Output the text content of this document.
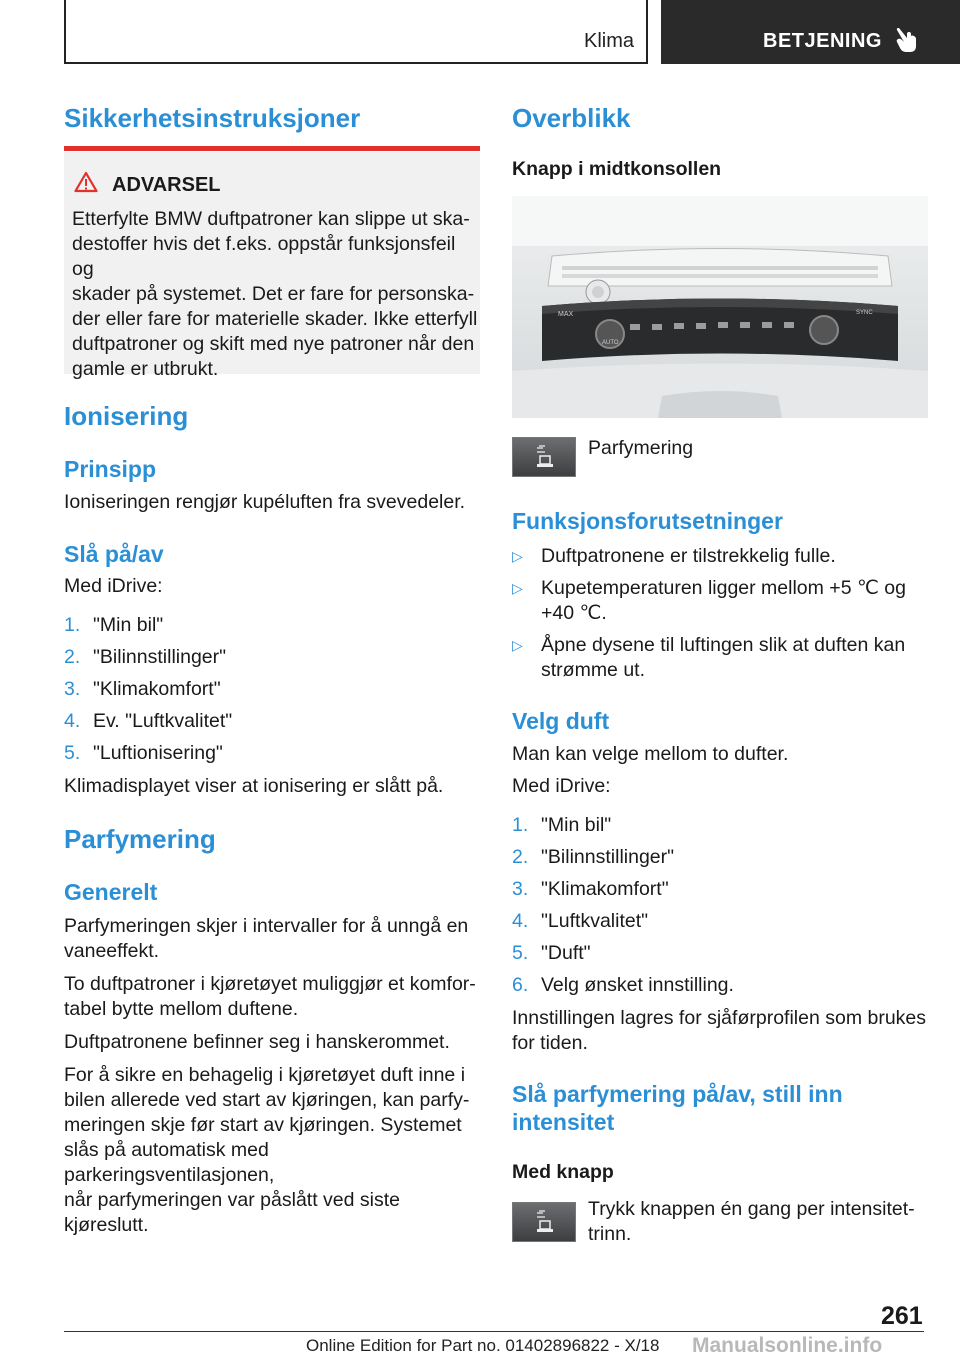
Klima	BETJENING
Sikkerhetsinstruksjoner
ADVARSEL
Etterfylte BMW duftpatroner kan slippe ut ska‐
destoffer hvis det f.eks. oppstår funksjonsfeil og
skader på systemet. Det er fare for personska‐
der eller fare for materielle skader. Ikke etterfyll
duftpatroner og skift med nye patroner når den
gamle er utbrukt.
Ionisering
Prinsipp
Ioniseringen rengjør kupéluften fra svevedeler.
Slå på/av
Med iDrive:
1. "Min bil"
2. "Bilinnstillinger"
3. "Klimakomfort"
4. Ev. "Luftkvalitet"
5. "Luftionisering"
Klimadisplayet viser at ionisering er slått på.
Parfymering
Generelt
Parfymeringen skjer i intervaller for å unngå en
vaneeffekt.
To duftpatroner i kjøretøyet muliggjør et komfor‐
tabel bytte mellom duftene.
Duftpatronene befinner seg i hanskerommet.
For å sikre en behagelig i kjøretøyet duft inne i
bilen allerede ved start av kjøringen, kan parfy‐
meringen skje før start av kjøringen. Systemet
slås på automatisk med parkeringsventilasjonen,
når parfymeringen var påslått ved siste kjøreslutt.
Overblikk
Knapp i midtkonsollen
MAX
AUTO
SYNC
Parfymering
Funksjonsforutsetninger
▷ Duftpatronene er tilstrekkelig fulle.
▷ Kupetemperaturen ligger mellom +5 ℃ og
+40 ℃.
▷ Åpne dysene til luftingen slik at duften kan
strømme ut.
Velg duft
Man kan velge mellom to dufter.
Med iDrive:
1. "Min bil"
2. "Bilinnstillinger"
3. "Klimakomfort"
4. "Luftkvalitet"
5. "Duft"
6. Velg ønsket innstilling.
Innstillingen lagres for sjåførprofilen som brukes
for tiden.
Slå parfymering på/av, still inn
intensitet
Med knapp
Trykk knappen én gang per intensitet‐
trinn.
261
Online Edition for Part no. 01402896822 - X/18 Manualsonline.info
